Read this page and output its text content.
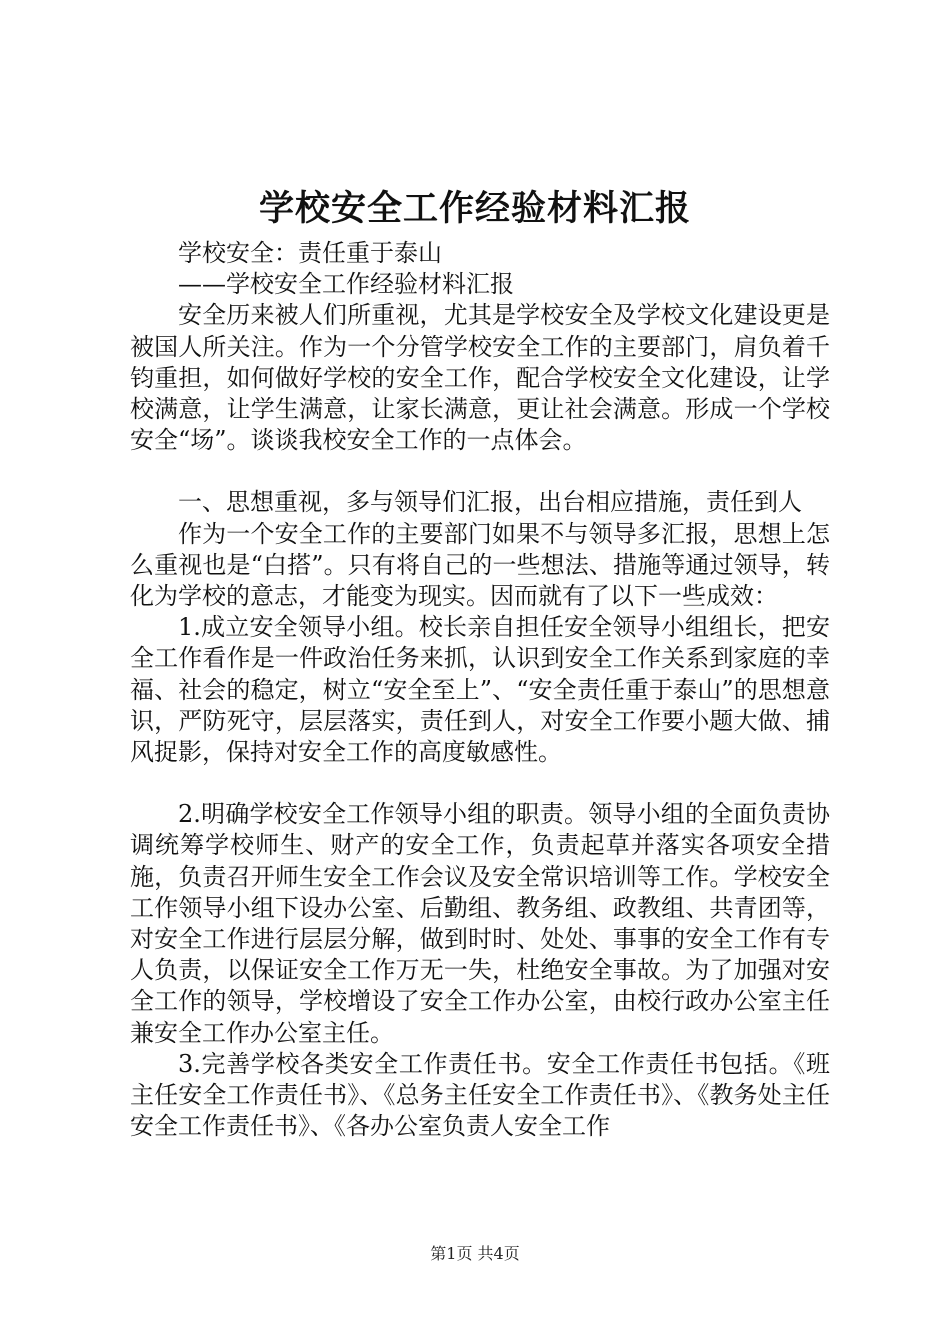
学校安全工作经验材料汇报

学校安全：责任重于泰山

——学校安全工作经验材料汇报

安全历来被人们所重视，尤其是学校安全及学校文化建设更是被国人所关注。作为一个分管学校安全工作的主要部门，肩负着千钧重担，如何做好学校的安全工作，配合学校安全文化建设，让学校满意，让学生满意，让家长满意，更让社会满意。形成一个学校安全“场”。谈谈我校安全工作的一点体会。

一、思想重视，多与领导们汇报，出台相应措施，责任到人

作为一个安全工作的主要部门如果不与领导多汇报，思想上怎么重视也是“白搭”。只有将自己的一些想法、措施等通过领导，转化为学校的意志，才能变为现实。因而就有了以下一些成效：

1.成立安全领导小组。校长亲自担任安全领导小组组长，把安全工作看作是一件政治任务来抓，认识到安全工作关系到家庭的幸福、社会的稳定，树立“安全至上”、“安全责任重于泰山”的思想意识，严防死守，层层落实，责任到人，对安全工作要小题大做、捕风捉影，保持对安全工作的高度敏感性。

2.明确学校安全工作领导小组的职责。领导小组的全面负责协调统筹学校师生、财产的安全工作，负责起草并落实各项安全措施，负责召开师生安全工作会议及安全常识培训等工作。学校安全工作领导小组下设办公室、后勤组、教务组、政教组、共青团等，对安全工作进行层层分解，做到时时、处处、事事的安全工作有专人负责，以保证安全工作万无一失，杜绝安全事故。为了加强对安全工作的领导，学校增设了安全工作办公室，由校行政办公室主任兼安全工作办公室主任。

3.完善学校各类安全工作责任书。安全工作责任书包括。《班主任安全工作责任书》、《总务主任安全工作责任书》、《教务处主任安全工作责任书》、《各办公室负责人安全工作

第1页 共4页
